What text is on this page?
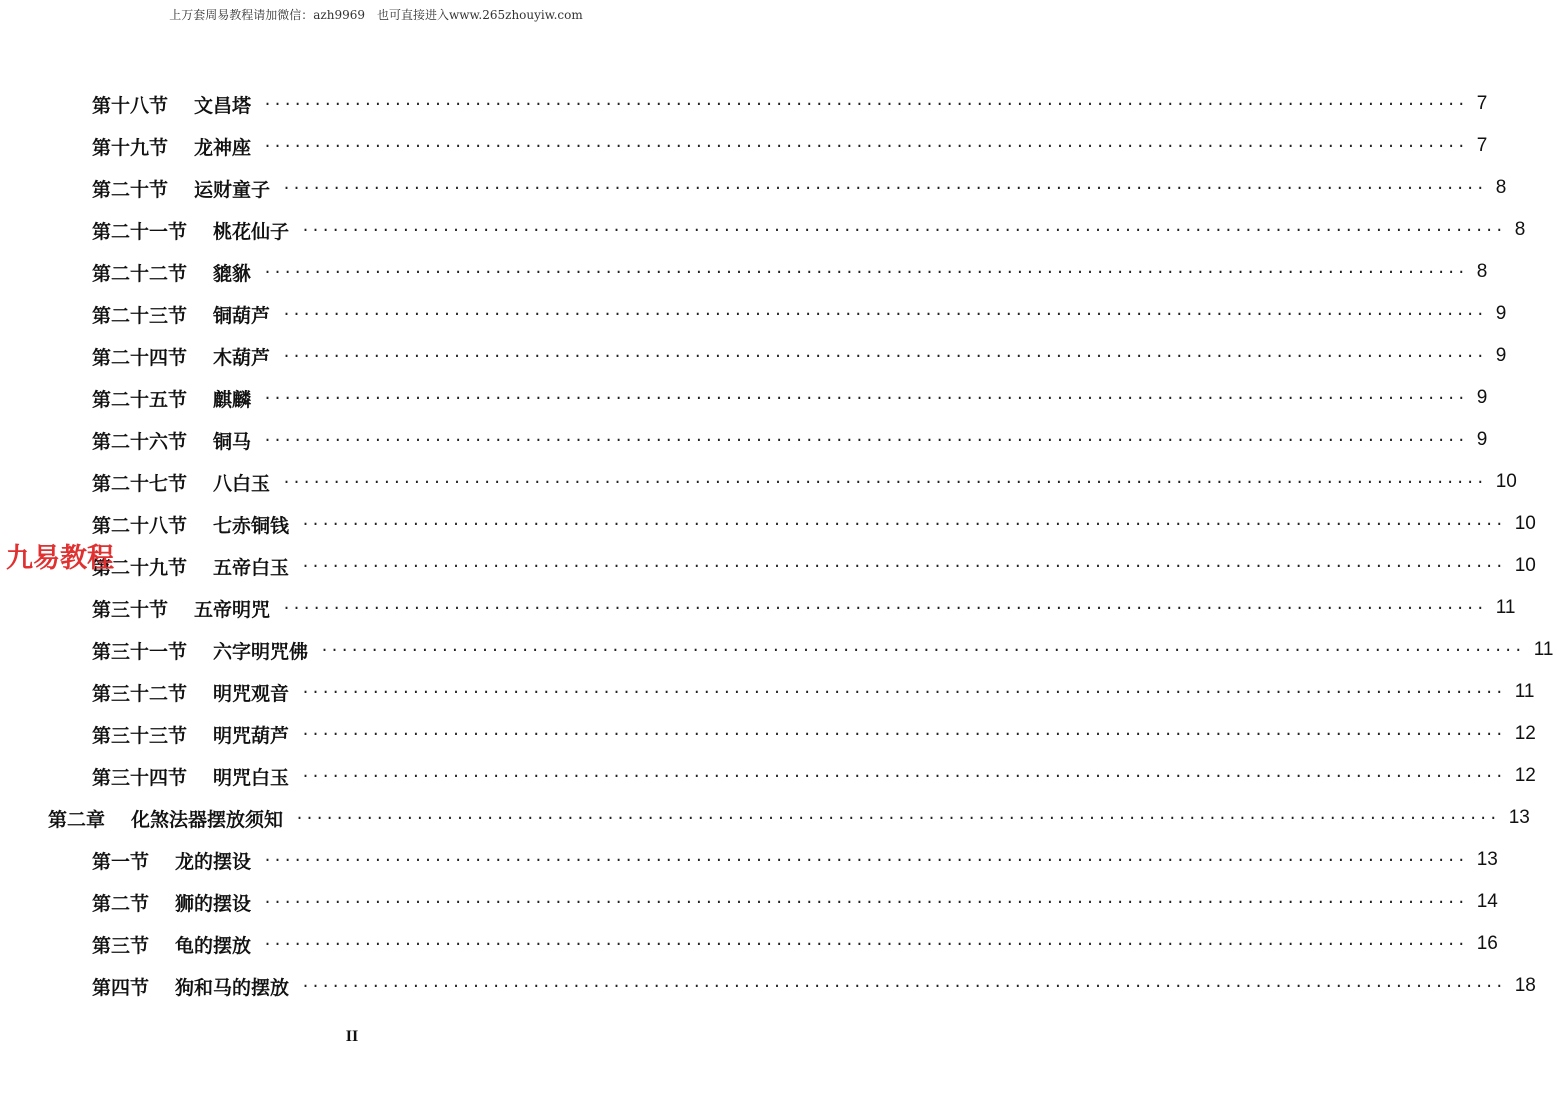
上万套周易教程请加微信：azh9969　也可直接进入www.265zhouyiw.com
第十八节 文昌塔 ························································································································ 7
第十九节 龙神座 ························································································································ 7
第二十节 运财童子 ························································································································ 8
第二十一节 桃花仙子 ························································································································ 8
第二十二节 貔貅 ························································································································ 8
第二十三节 铜葫芦 ························································································································ 9
第二十四节 木葫芦 ························································································································ 9
第二十五节 麒麟 ························································································································ 9
第二十六节 铜马 ························································································································ 9
第二十七节 八白玉 ························································································································ 10
第二十八节 七赤铜钱 ························································································································ 10
第二十九节 五帝白玉 ························································································································ 10
第三十节 五帝明咒 ························································································································ 11
第三十一节 六字明咒佛 ························································································································ 11
第三十二节 明咒观音 ························································································································ 11
第三十三节 明咒葫芦 ························································································································ 12
第三十四节 明咒白玉 ························································································································ 12
第二章 化煞法器摆放须知 ························································································································ 13
第一节 龙的摆设 ························································································································ 13
第二节 狮的摆设 ························································································································ 14
第三节 龟的摆放 ························································································································ 16
第四节 狗和马的摆放 ························································································································ 18
九易教程
II
